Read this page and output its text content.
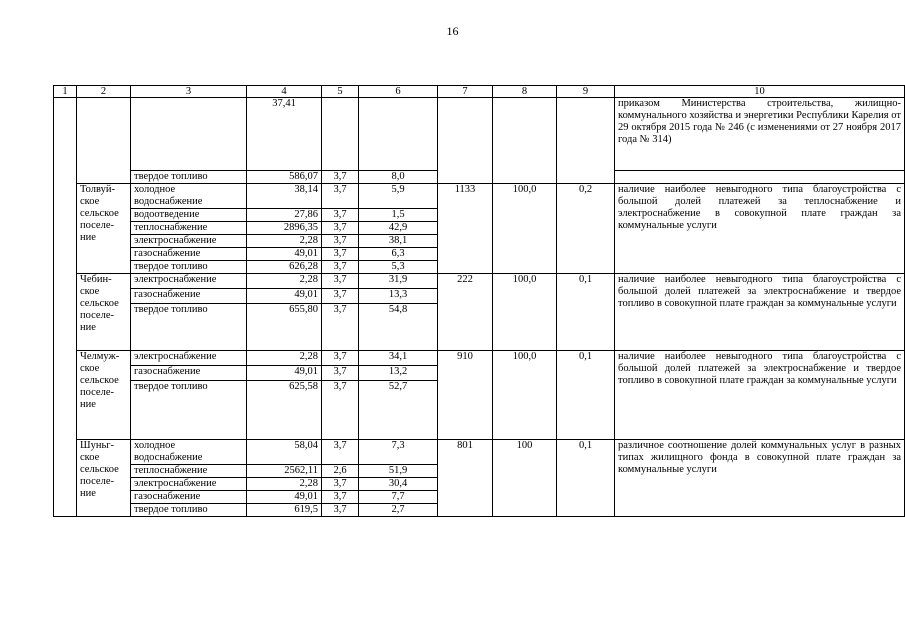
16
1	2	3	4	5	6	7	8	9	10
			37,41						приказом Министерства строительства, жилищно-коммунального хозяйства и энергетики Республики Карелия от 29 октября 2015 года № 246 (с изменениями от 27 ноября 2017 года № 314)
		твердое топливо	586,07	3,7	8,0				
	Толвуй-ское сельское поселе-ние	холодное водоснабжение	38,14	3,7	5,9	1133	100,0	0,2	наличие наиболее невыгодного типа благоустройства с большой долей платежей за теплоснабжение и электроснабжение в совокупной плате граждан за коммунальные услуги
		водоотведение	27,86	3,7	1,5				
		теплоснабжение	2896,35	3,7	42,9				
		электроснабжение	2,28	3,7	38,1				
		газоснабжение	49,01	3,7	6,3				
		твердое топливо	626,28	3,7	5,3				
	Чебин-ское сельское поселе-ние	электроснабжение	2,28	3,7	31,9	222	100,0	0,1	наличие наиболее невыгодного типа благоустройства с большой долей платежей за электроснабжение и твердое топливо в совокупной плате граждан за коммунальные услуги
		газоснабжение	49,01	3,7	13,3				
		твердое топливо	655,80	3,7	54,8				
	Челмуж-ское сельское поселе-ние	электроснабжение	2,28	3,7	34,1	910	100,0	0,1	наличие наиболее невыгодного типа благоустройства с большой долей платежей за электроснабжение и твердое топливо в совокупной плате граждан за коммунальные услуги
		газоснабжение	49,01	3,7	13,2				
		твердое топливо	625,58	3,7	52,7				
	Шуньг-ское сельское поселе-ние	холодное водоснабжение	58,04	3,7	7,3	801	100	0,1	различное соотношение долей коммунальных услуг в разных типах жилищного фонда в совокупной плате граждан за коммунальные услуги
		теплоснабжение	2562,11	2,6	51,9				
		электроснабжение	2,28	3,7	30,4				
		газоснабжение	49,01	3,7	7,7				
		твердое топливо	619,5	3,7	2,7				
